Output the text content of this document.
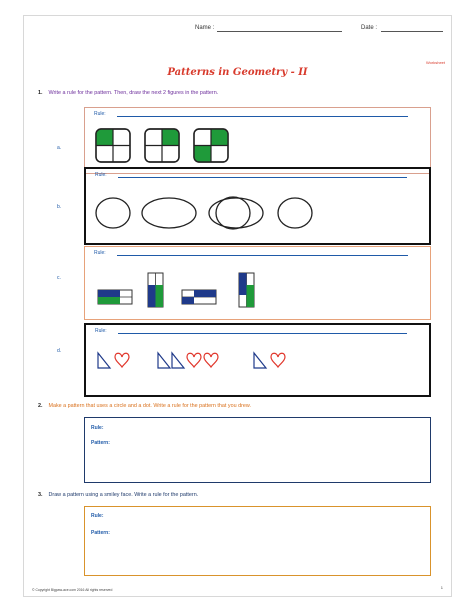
Name :	Date :
Worksheet
Patterns in Geometry - II
1. Write a rule for the pattern. Then, draw the next 2 figures in the pattern.
a.
Rule:
b.
Rule:
c.
Rule:
d.
Rule:
2. Make a pattern that uses a circle and a dot. Write a rule for the pattern that you drew.
Rule:
Pattern:
3. Draw a pattern using a smiley face. Write a rule for the pattern.
Rule:
Pattern:
© Copyright Bigpaw-ace.com 2016 All rights reserved	1
